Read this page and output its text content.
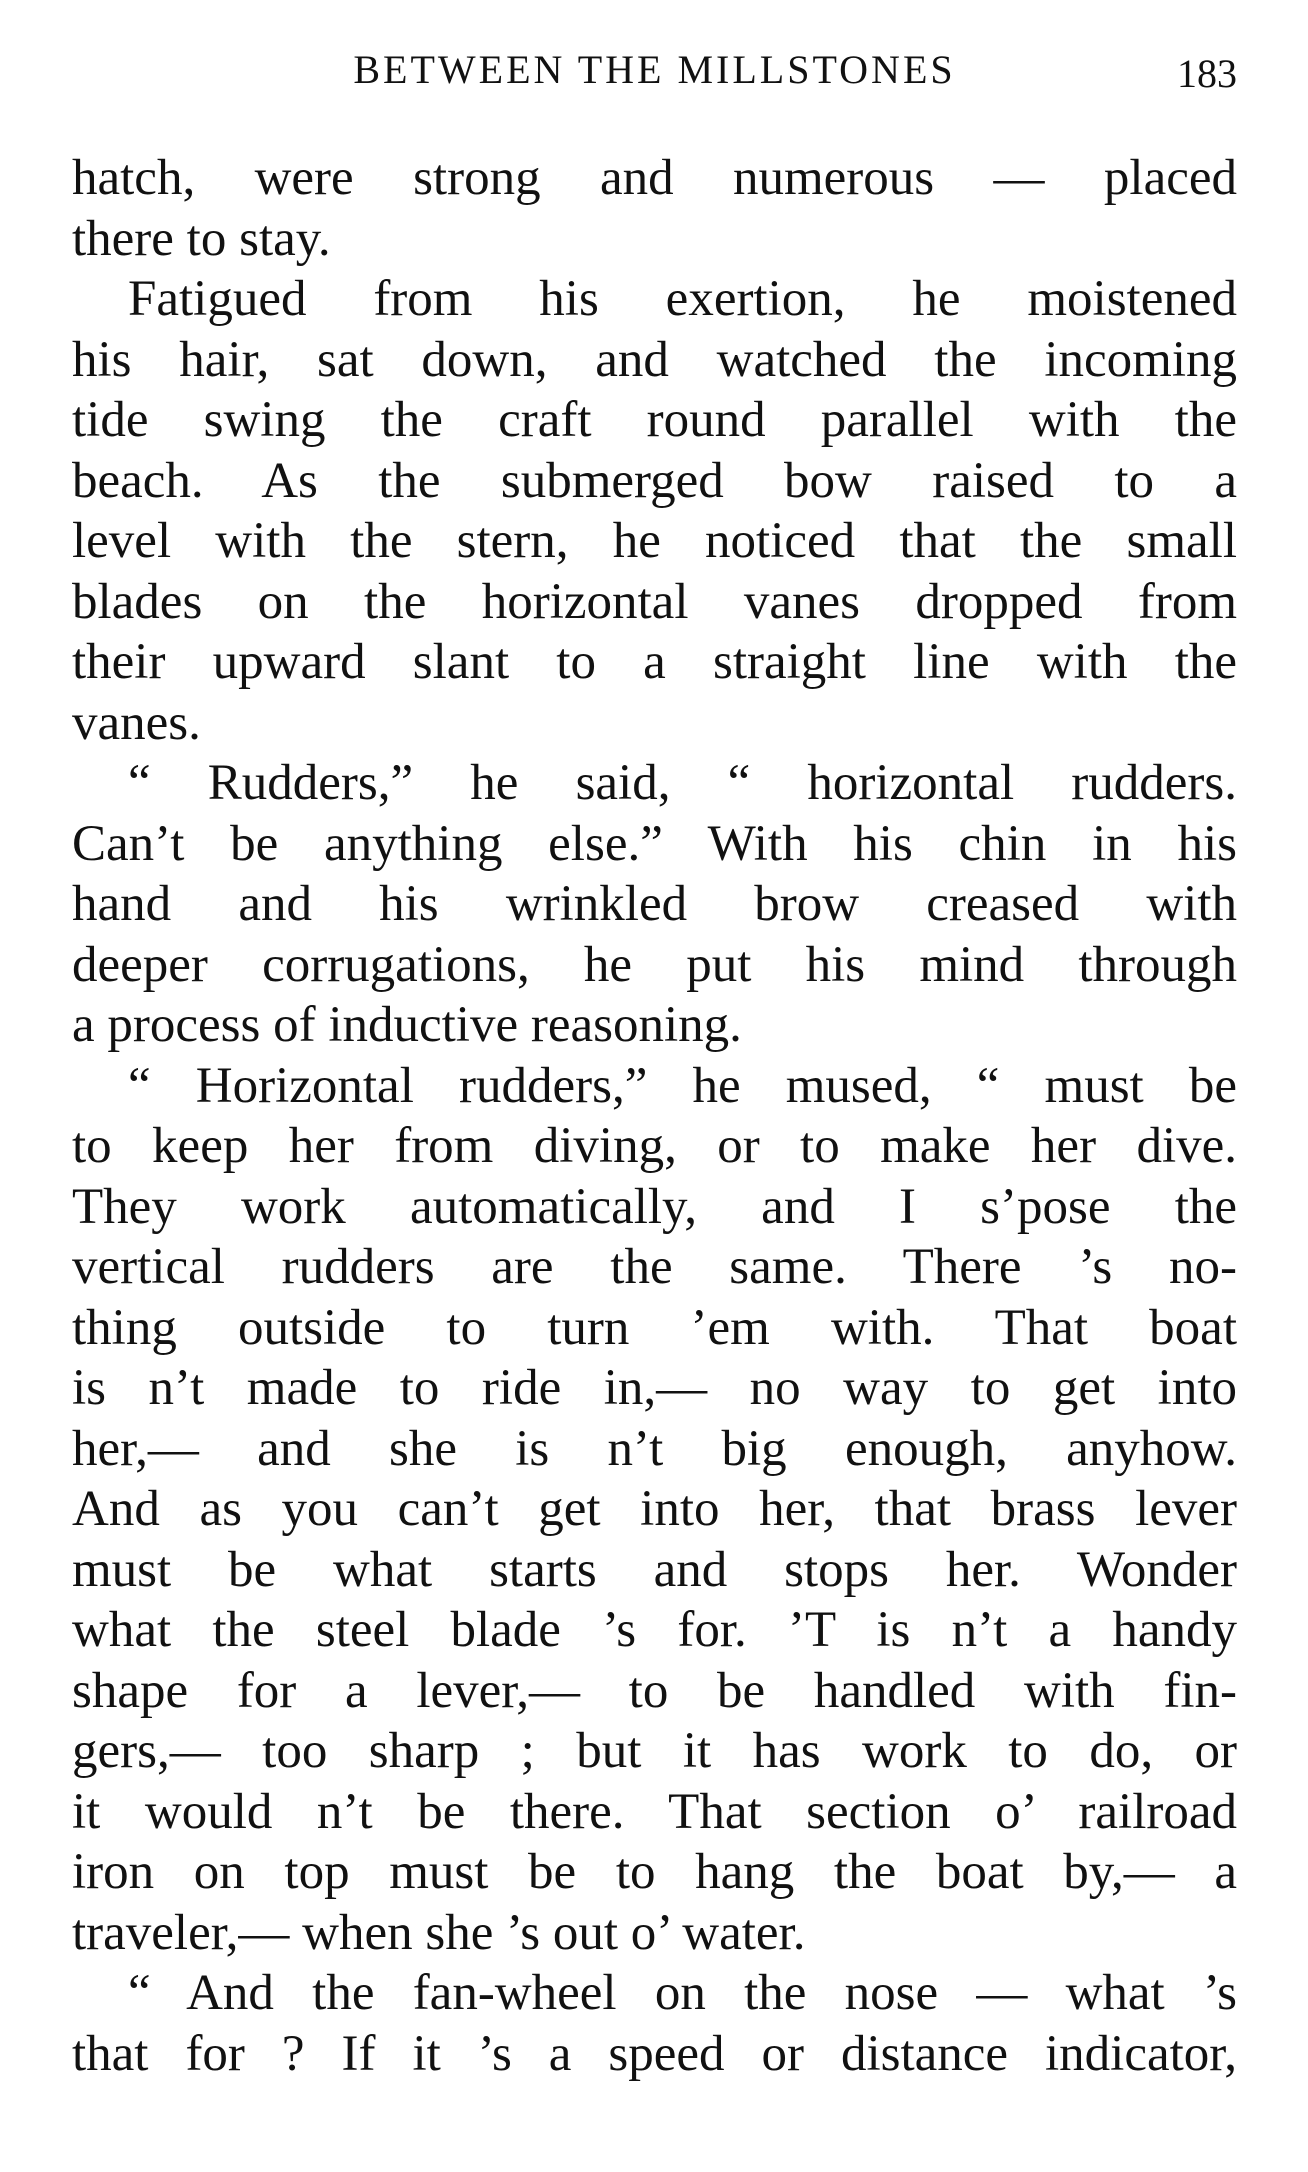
BETWEEN THE MILLSTONES	183
hatch, were strong and numerous — placed
there to stay.
Fatigued from his exertion, he moistened
his hair, sat down, and watched the incoming
tide swing the craft round parallel with the
beach. As the submerged bow raised to a
level with the stern, he noticed that the small
blades on the horizontal vanes dropped from
their upward slant to a straight line with the
vanes.
“ Rudders,” he said, “ horizontal rudders.
Can’t be anything else.” With his chin in his
hand and his wrinkled brow creased with
deeper corrugations, he put his mind through
a process of inductive reasoning.
“ Horizontal rudders,” he mused, “ must be
to keep her from diving, or to make her dive.
They work automatically, and I s’pose the
vertical rudders are the same. There ’s no-
thing outside to turn ’em with. That boat
is n’t made to ride in,— no way to get into
her,— and she is n’t big enough, anyhow.
And as you can’t get into her, that brass lever
must be what starts and stops her. Wonder
what the steel blade ’s for. ’T is n’t a handy
shape for a lever,— to be handled with fin-
gers,— too sharp ; but it has work to do, or
it would n’t be there. That section o’ railroad
iron on top must be to hang the boat by,— a
traveler,— when she ’s out o’ water.
“ And the fan-wheel on the nose — what ’s
that for ? If it ’s a speed or distance indicator,
